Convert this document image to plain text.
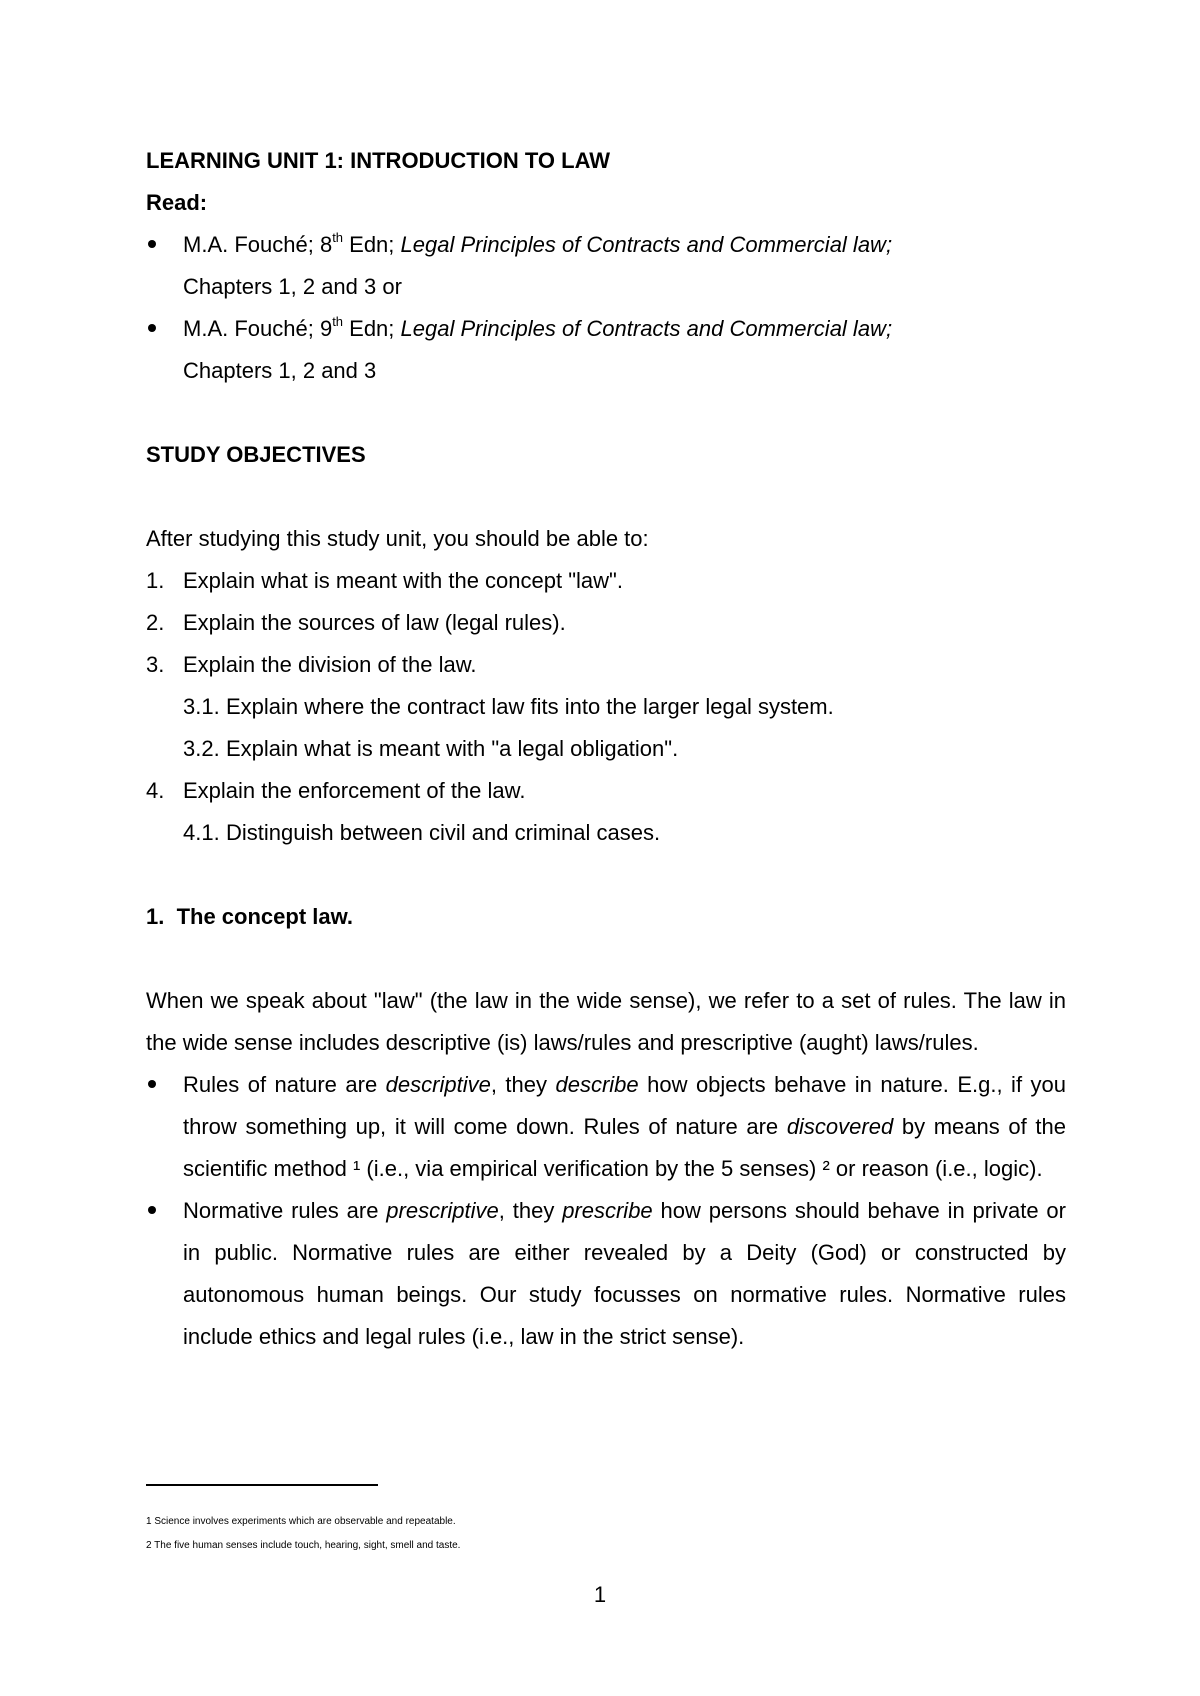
LEARNING UNIT 1: INTRODUCTION TO LAW

Read:

M.A. Fouché; 8th Edn; Legal Principles of Contracts and Commercial law;
Chapters 1, 2 and 3 or

M.A. Fouché; 9th Edn; Legal Principles of Contracts and Commercial law;
Chapters 1, 2 and 3

STUDY OBJECTIVES

After studying this study unit, you should be able to:

1. Explain what is meant with the concept "law".

2. Explain the sources of law (legal rules).

3. Explain the division of the law.

3.1. Explain where the contract law fits into the larger legal system.

3.2. Explain what is meant with "a legal obligation".

4. Explain the enforcement of the law.

4.1. Distinguish between civil and criminal cases.

1.  The concept law.

When we speak about "law" (the law in the wide sense), we refer to a set of rules. The law in the wide sense includes descriptive (is) laws/rules and prescriptive (aught) laws/rules.

Rules of nature are descriptive, they describe how objects behave in nature. E.g., if you throw something up, it will come down. Rules of nature are discovered by means of the scientific method ¹ (i.e., via empirical verification by the 5 senses) ² or reason (i.e., logic).

Normative rules are prescriptive, they prescribe how persons should behave in private or in public. Normative rules are either revealed by a Deity (God) or constructed by autonomous human beings. Our study focusses on normative rules. Normative rules include ethics and legal rules (i.e., law in the strict sense).

1 Science involves experiments which are observable and repeatable.
2 The five human senses include touch, hearing, sight, smell and taste.
1
